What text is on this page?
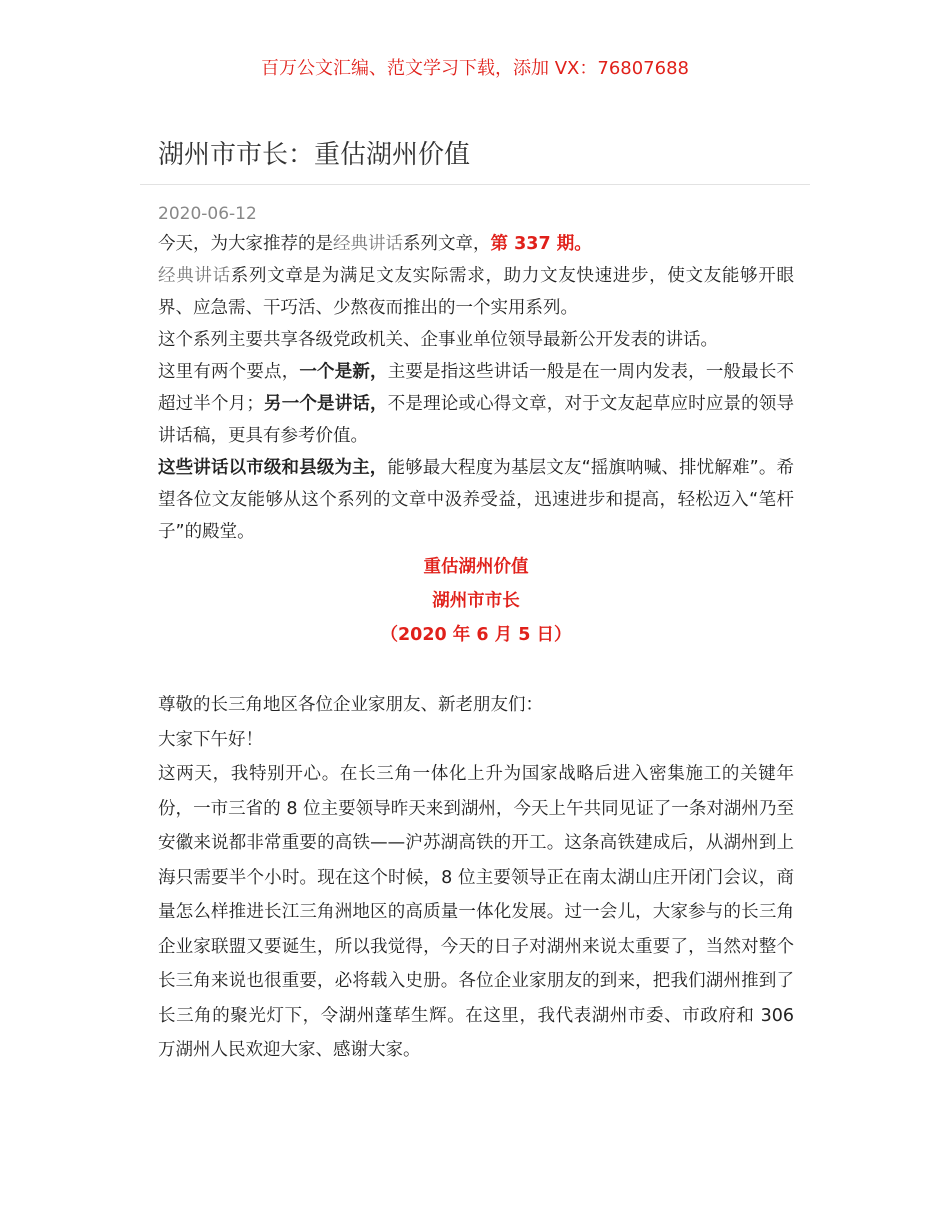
百万公文汇编、范文学习下载，添加 VX：76807688
湖州市市长：重估湖州价值
2020-06-12

今天，为大家推荐的是经典讲话系列文章，第 337 期。

经典讲话系列文章是为满足文友实际需求，助力文友快速进步，使文友能够开眼界、应急需、干巧活、少熬夜而推出的一个实用系列。

这个系列主要共享各级党政机关、企事业单位领导最新公开发表的讲话。

这里有两个要点，一个是新，主要是指这些讲话一般是在一周内发表，一般最长不超过半个月；另一个是讲话，不是理论或心得文章，对于文友起草应时应景的领导讲话稿，更具有参考价值。

这些讲话以市级和县级为主，能够最大程度为基层文友“摇旗呐喊、排忧解难”。希望各位文友能够从这个系列的文章中汲养受益，迅速进步和提高，轻松迈入“笔杆子”的殿堂。

重估湖州价值

湖州市市长

（2020 年 6 月 5 日）

尊敬的长三角地区各位企业家朋友、新老朋友们：

大家下午好！

这两天，我特别开心。在长三角一体化上升为国家战略后进入密集施工的关键年份，一市三省的 8 位主要领导昨天来到湖州，今天上午共同见证了一条对湖州乃至安徽来说都非常重要的高铁——沪苏湖高铁的开工。这条高铁建成后，从湖州到上海只需要半个小时。现在这个时候，8 位主要领导正在南太湖山庄开闭门会议，商量怎么样推进长江三角洲地区的高质量一体化发展。过一会儿，大家参与的长三角企业家联盟又要诞生，所以我觉得，今天的日子对湖州来说太重要了，当然对整个长三角来说也很重要，必将载入史册。各位企业家朋友的到来，把我们湖州推到了长三角的聚光灯下，令湖州蓬荜生辉。在这里，我代表湖州市委、市政府和 306 万湖州人民欢迎大家、感谢大家。
